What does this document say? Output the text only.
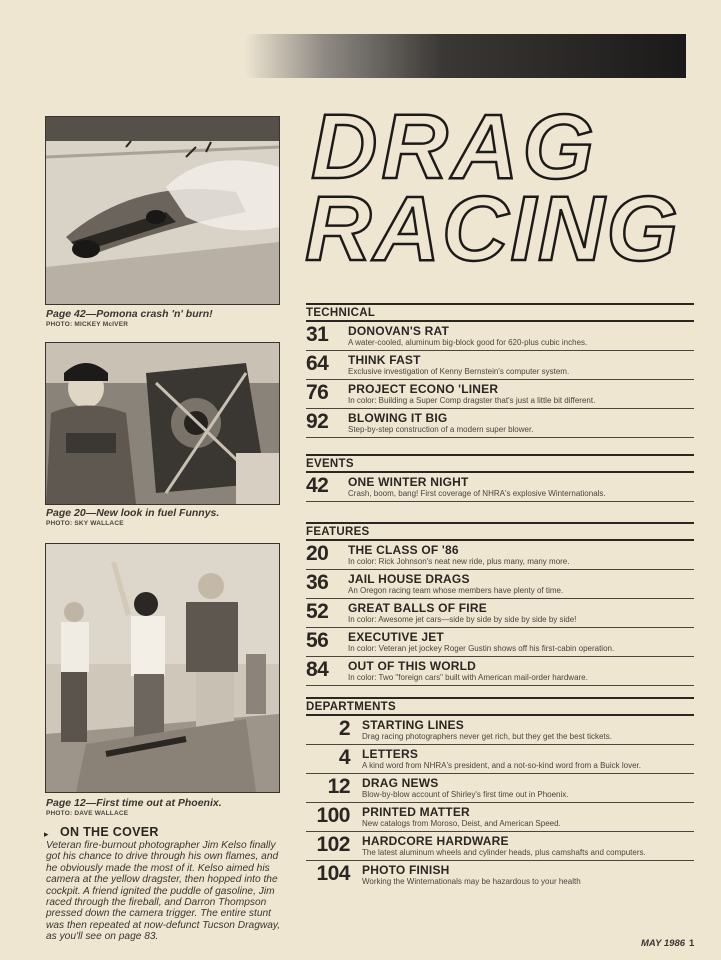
Page 42—Pomona crash 'n' burn!
PHOTO: MICKEY McIVER
Page 20—New look in fuel Funnys.
PHOTO: SKY WALLACE
Page 12—First time out at Phoenix.
PHOTO: DAVE WALLACE
▸ ON THE COVER
Veteran fire-burnout photographer Jim Kelso finally got his chance to drive through his own flames, and he obviously made the most of it. Kelso aimed his camera at the yellow dragster, then hopped into the cockpit. A friend ignited the puddle of gasoline, Jim raced through the fireball, and Darron Thompson pressed down the camera trigger. The entire stunt was then repeated at now-defunct Tucson Dragway, as you'll see on page 83.
DRAG
RACING
TECHNICAL
31	DONOVAN'S RAT
A water-cooled, aluminum big-block good for 620-plus cubic inches.
64	THINK FAST
Exclusive investigation of Kenny Bernstein's computer system.
76	PROJECT ECONO 'LINER
In color: Building a Super Comp dragster that's just a little bit different.
92	BLOWING IT BIG
Step-by-step construction of a modern super blower.
EVENTS
42	ONE WINTER NIGHT
Crash, boom, bang! First coverage of NHRA's explosive Winternationals.
FEATURES
20	THE CLASS OF '86
In color: Rick Johnson's neat new ride, plus many, many more.
36	JAIL HOUSE DRAGS
An Oregon racing team whose members have plenty of time.
52	GREAT BALLS OF FIRE
In color: Awesome jet cars—side by side by side by side by side!
56	EXECUTIVE JET
In color: Veteran jet jockey Roger Gustin shows off his first-cabin operation.
84	OUT OF THIS WORLD
In color: Two "foreign cars" built with American mail-order hardware.
DEPARTMENTS
2 STARTING LINES
Drag racing photographers never get rich, but they get the best tickets.
4 LETTERS
A kind word from NHRA's president, and a not-so-kind word from a Buick lover.
12 DRAG NEWS
Blow-by-blow account of Shirley's first time out in Phoenix.
100 PRINTED MATTER
New catalogs from Moroso, Deist, and American Speed.
102 HARDCORE HARDWARE
The latest aluminum wheels and cylinder heads, plus camshafts and computers.
104 PHOTO FINISH
Working the Winternationals may be hazardous to your health
MAY 1986 1
